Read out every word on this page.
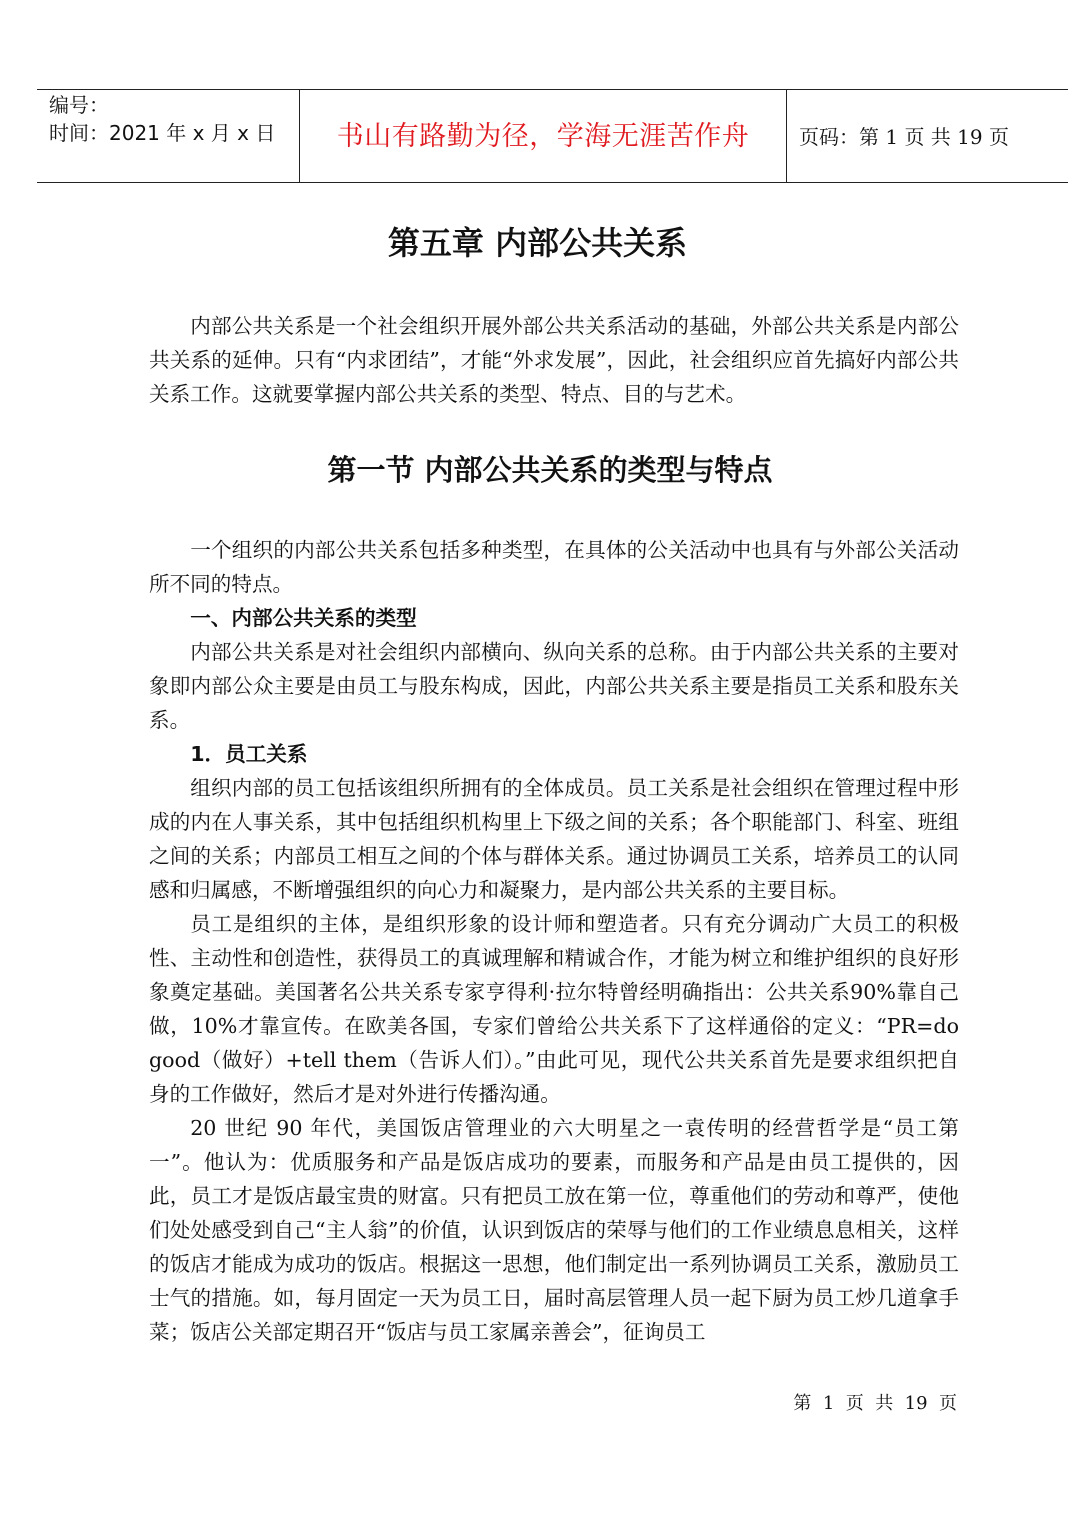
编号：
时间：2021 年 x 月 x 日	书山有路勤为径，学海无涯苦作舟	页码：第 1 页 共 19 页
第五章 内部公共关系

内部公共关系是一个社会组织开展外部公共关系活动的基础，外部公共关系是内部公共关系的延伸。只有“内求团结”，才能“外求发展”，因此，社会组织应首先搞好内部公共关系工作。这就要掌握内部公共关系的类型、特点、目的与艺术。

第一节 内部公共关系的类型与特点

一个组织的内部公共关系包括多种类型，在具体的公关活动中也具有与外部公关活动所不同的特点。

一、内部公共关系的类型

内部公共关系是对社会组织内部横向、纵向关系的总称。由于内部公共关系的主要对象即内部公众主要是由员工与股东构成，因此，内部公共关系主要是指员工关系和股东关系。

1．员工关系

组织内部的员工包括该组织所拥有的全体成员。员工关系是社会组织在管理过程中形成的内在人事关系，其中包括组织机构里上下级之间的关系；各个职能部门、科室、班组之间的关系；内部员工相互之间的个体与群体关系。通过协调员工关系，培养员工的认同感和归属感，不断增强组织的向心力和凝聚力，是内部公共关系的主要目标。

员工是组织的主体，是组织形象的设计师和塑造者。只有充分调动广大员工的积极性、主动性和创造性，获得员工的真诚理解和精诚合作，才能为树立和维护组织的良好形象奠定基础。美国著名公共关系专家亨得利·拉尔特曾经明确指出：公共关系90%靠自己做，10%才靠宣传。在欧美各国，专家们曾给公共关系下了这样通俗的定义：“PR=do good（做好）+tell them（告诉人们）。”由此可见，现代公共关系首先是要求组织把自身的工作做好，然后才是对外进行传播沟通。

20 世纪 90 年代，美国饭店管理业的六大明星之一袁传明的经营哲学是“员工第一”。他认为：优质服务和产品是饭店成功的要素，而服务和产品是由员工提供的，因此，员工才是饭店最宝贵的财富。只有把员工放在第一位，尊重他们的劳动和尊严，使他们处处感受到自己“主人翁”的价值，认识到饭店的荣辱与他们的工作业绩息息相关，这样的饭店才能成为成功的饭店。根据这一思想，他们制定出一系列协调员工关系，激励员工士气的措施。如，每月固定一天为员工日，届时高层管理人员一起下厨为员工炒几道拿手菜；饭店公关部定期召开“饭店与员工家属亲善会”，征询员工

第  1  页  共  19  页
